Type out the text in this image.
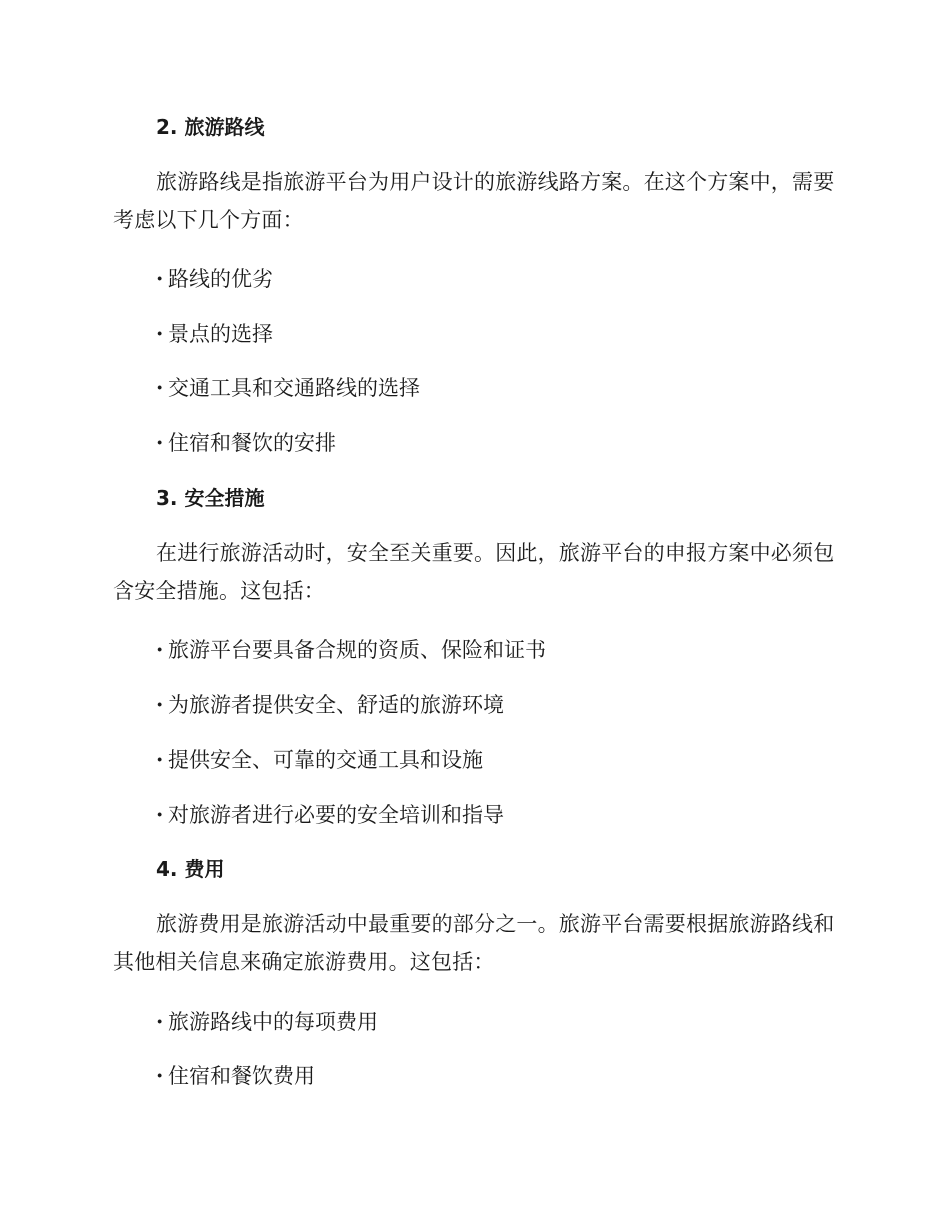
2. 旅游路线
旅游路线是指旅游平台为用户设计的旅游线路方案。在这个方案中，需要考虑以下几个方面：
· 路线的优劣
· 景点的选择
· 交通工具和交通路线的选择
· 住宿和餐饮的安排
3. 安全措施
在进行旅游活动时，安全至关重要。因此，旅游平台的申报方案中必须包含安全措施。这包括：
· 旅游平台要具备合规的资质、保险和证书
· 为旅游者提供安全、舒适的旅游环境
· 提供安全、可靠的交通工具和设施
· 对旅游者进行必要的安全培训和指导
4. 费用
旅游费用是旅游活动中最重要的部分之一。旅游平台需要根据旅游路线和其他相关信息来确定旅游费用。这包括：
· 旅游路线中的每项费用
· 住宿和餐饮费用
